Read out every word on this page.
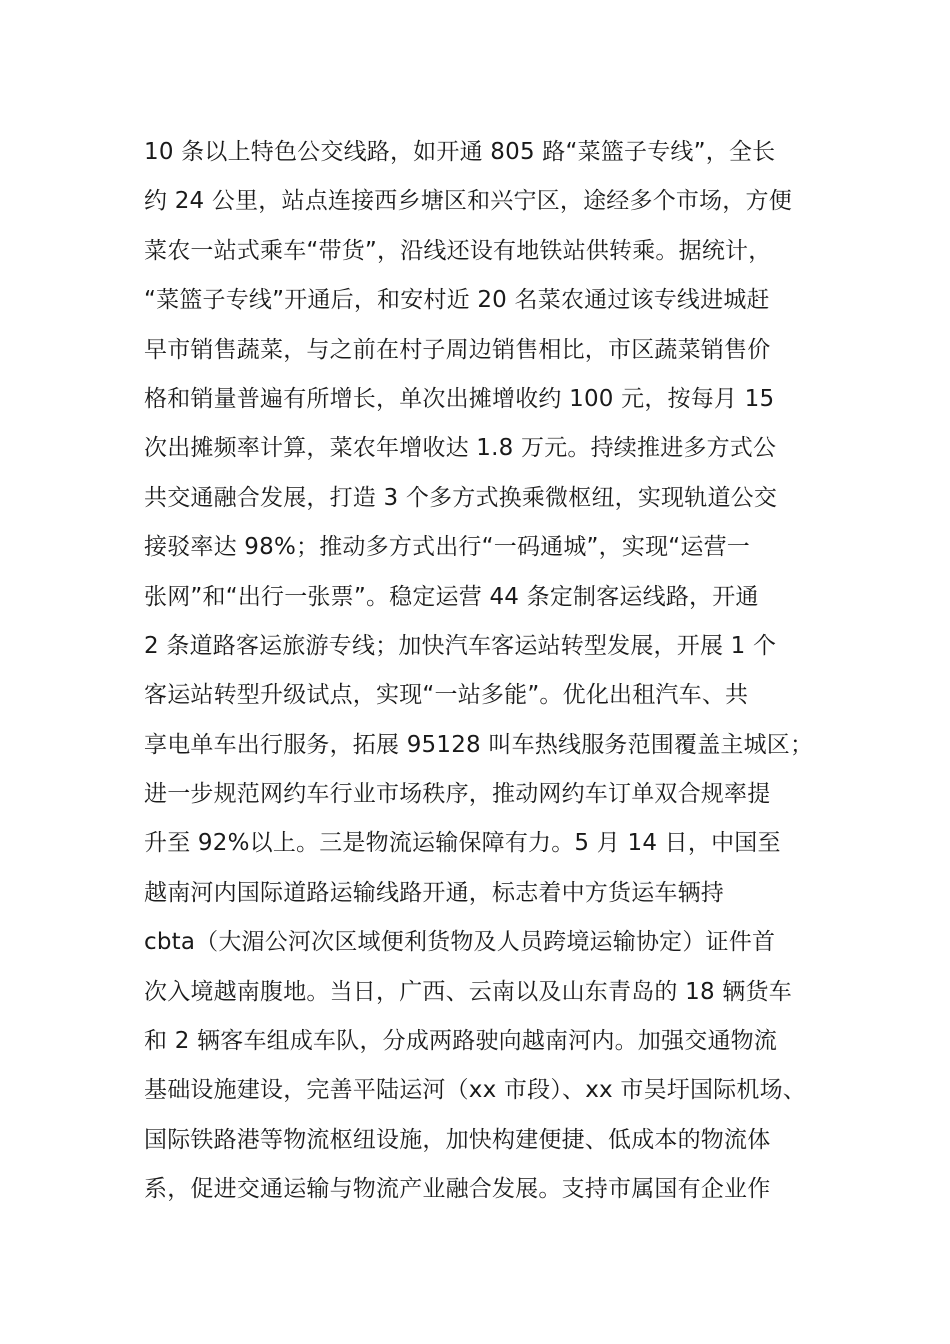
10 条以上特色公交线路，如开通 805 路“菜篮子专线”，全长
约 24 公里，站点连接西乡塘区和兴宁区，途经多个市场，方便
菜农一站式乘车“带货”，沿线还设有地铁站供转乘。据统计，
“菜篮子专线”开通后，和安村近 20 名菜农通过该专线进城赶
早市销售蔬菜，与之前在村子周边销售相比，市区蔬菜销售价
格和销量普遍有所增长，单次出摊增收约 100 元，按每月 15
次出摊频率计算，菜农年增收达 1.8 万元。持续推进多方式公
共交通融合发展，打造 3 个多方式换乘微枢纽，实现轨道公交
接驳率达 98%；推动多方式出行“一码通城”，实现“运营一
张网”和“出行一张票”。稳定运营 44 条定制客运线路，开通
2 条道路客运旅游专线；加快汽车客运站转型发展，开展 1 个
客运站转型升级试点，实现“一站多能”。优化出租汽车、共
享电单车出行服务，拓展 95128 叫车热线服务范围覆盖主城区；
进一步规范网约车行业市场秩序，推动网约车订单双合规率提
升至 92%以上。三是物流运输保障有力。5 月 14 日，中国至
越南河内国际道路运输线路开通，标志着中方货运车辆持
cbta（大湄公河次区域便利货物及人员跨境运输协定）证件首
次入境越南腹地。当日，广西、云南以及山东青岛的 18 辆货车
和 2 辆客车组成车队，分成两路驶向越南河内。加强交通物流
基础设施建设，完善平陆运河（xx 市段）、xx 市吴圩国际机场、
国际铁路港等物流枢纽设施，加快构建便捷、低成本的物流体
系，促进交通运输与物流产业融合发展。支持市属国有企业作
